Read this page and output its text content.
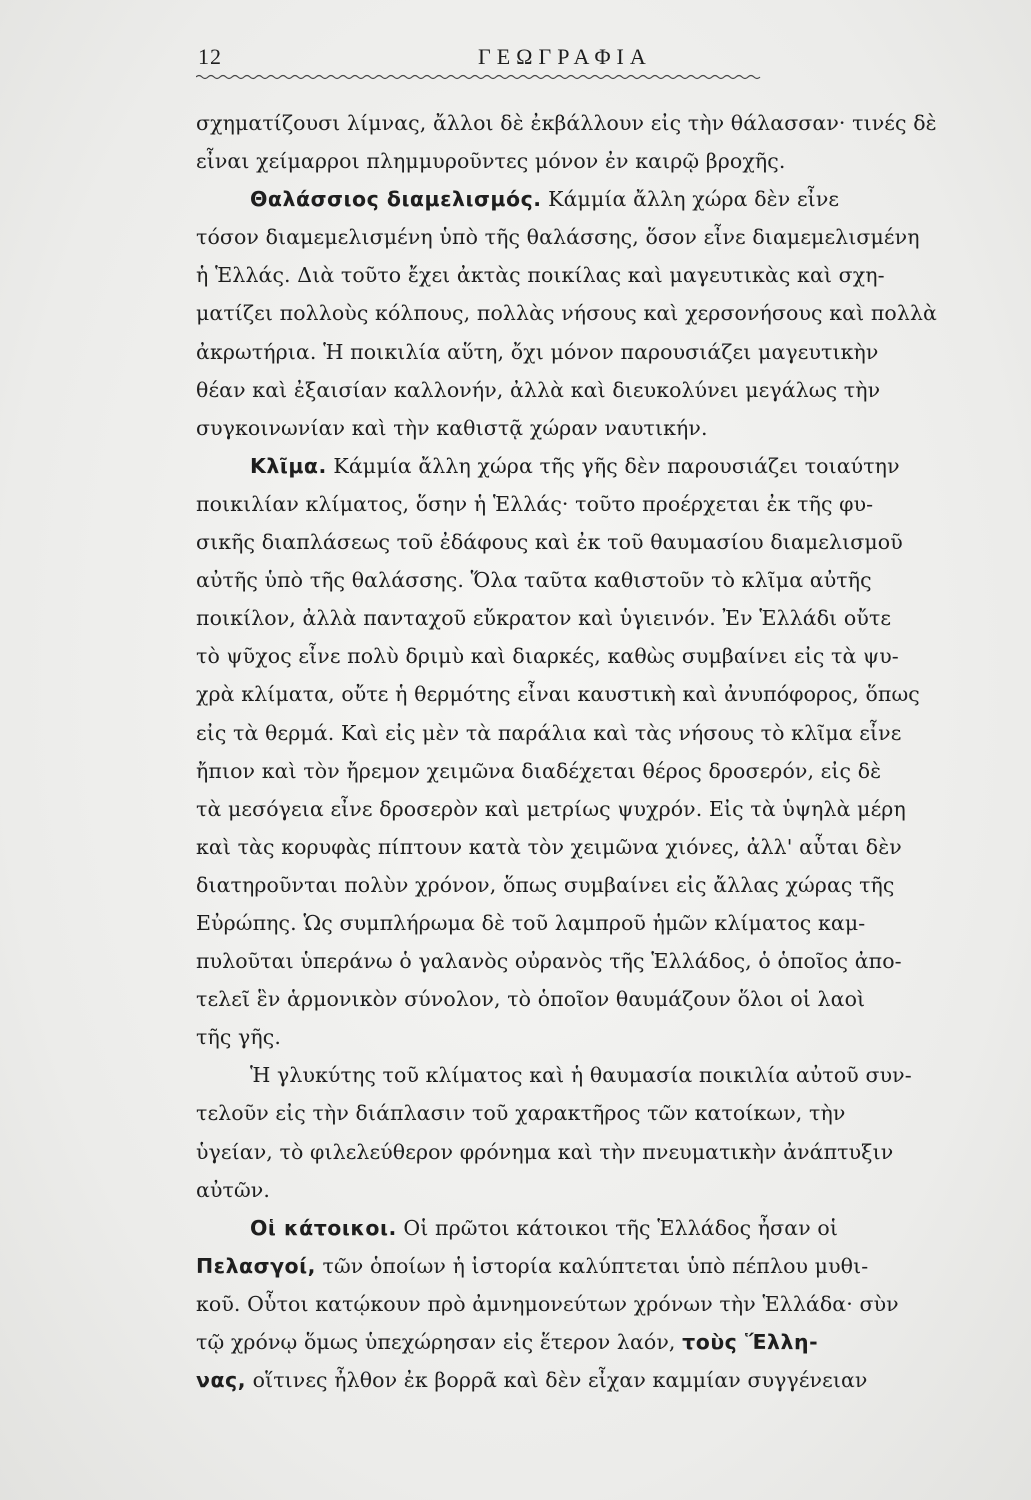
12	ΓΕΩΓΡΑΦΙΑ
σχηματίζουσι λίμνας, ἄλλοι δὲ ἐκβάλλουν εἰς τὴν θάλασσαν· τινές δὲ
εἶναι χείμαρροι πλημμυροῦντες μόνον ἐν καιρῷ βροχῆς.
Θαλάσσιος διαμελισμός. Κάμμία ἄλλη χώρα δὲν εἶνε
τόσον διαμεμελισμένη ὑπὸ τῆς θαλάσσης, ὅσον εἶνε διαμεμελισμένη
ἡ Ἑλλάς. Διὰ τοῦτο ἔχει ἀκτὰς ποικίλας καὶ μαγευτικὰς καὶ σχη-
ματίζει πολλοὺς κόλπους, πολλὰς νήσους καὶ χερσονήσους καὶ πολλὰ
ἀκρωτήρια. Ἡ ποικιλία αὕτη, ὄχι μόνον παρουσιάζει μαγευτικὴν
θέαν καὶ ἐξαισίαν καλλονήν, ἀλλὰ καὶ διευκολύνει μεγάλως τὴν
συγκοινωνίαν καὶ τὴν καθιστᾷ χώραν ναυτικήν.
Κλῖμα. Κάμμία ἄλλη χώρα τῆς γῆς δὲν παρουσιάζει τοιαύτην
ποικιλίαν κλίματος, ὅσην ἡ Ἑλλάς· τοῦτο προέρχεται ἐκ τῆς φυ-
σικῆς διαπλάσεως τοῦ ἐδάφους καὶ ἐκ τοῦ θαυμασίου διαμελισμοῦ
αὐτῆς ὑπὸ τῆς θαλάσσης. Ὅλα ταῦτα καθιστοῦν τὸ κλῖμα αὐτῆς
ποικίλον, ἀλλὰ πανταχοῦ εὔκρατον καὶ ὑγιεινόν. Ἐν Ἑλλάδι οὔτε
τὸ ψῦχος εἶνε πολὺ δριμὺ καὶ διαρκές, καθὼς συμβαίνει εἰς τὰ ψυ-
χρὰ κλίματα, οὔτε ἡ θερμότης εἶναι καυστικὴ καὶ ἀνυπόφορος, ὅπως
εἰς τὰ θερμά. Καὶ εἰς μὲν τὰ παράλια καὶ τὰς νήσους τὸ κλῖμα εἶνε
ἤπιον καὶ τὸν ἤρεμον χειμῶνα διαδέχεται θέρος δροσερόν, εἰς δὲ
τὰ μεσόγεια εἶνε δροσερὸν καὶ μετρίως ψυχρόν. Εἰς τὰ ὑψηλὰ μέρη
καὶ τὰς κορυφὰς πίπτουν κατὰ τὸν χειμῶνα χιόνες, ἀλλ' αὗται δὲν
διατηροῦνται πολὺν χρόνον, ὅπως συμβαίνει εἰς ἄλλας χώρας τῆς
Εὐρώπης. Ὡς συμπλήρωμα δὲ τοῦ λαμπροῦ ἡμῶν κλίματος καμ-
πυλοῦται ὑπεράνω ὁ γαλανὸς οὐρανὸς τῆς Ἑλλάδος, ὁ ὁποῖος ἀπο-
τελεῖ ἓν ἁρμονικὸν σύνολον, τὸ ὁποῖον θαυμάζουν ὅλοι οἱ λαοὶ
τῆς γῆς.
Ἡ γλυκύτης τοῦ κλίματος καὶ ἡ θαυμασία ποικιλία αὐτοῦ συν-
τελοῦν εἰς τὴν διάπλασιν τοῦ χαρακτῆρος τῶν κατοίκων, τὴν
ὑγείαν, τὸ φιλελεύθερον φρόνημα καὶ τὴν πνευματικὴν ἀνάπτυξιν
αὐτῶν.
Οἱ κάτοικοι. Οἱ πρῶτοι κάτοικοι τῆς Ἑλλάδος ἦσαν οἱ
Πελασγοί, τῶν ὁποίων ἡ ἱστορία καλύπτεται ὑπὸ πέπλου μυθι-
κοῦ. Οὗτοι κατῴκουν πρὸ ἀμνημονεύτων χρόνων τὴν Ἑλλάδα· σὺν
τῷ χρόνῳ ὅμως ὑπεχώρησαν εἰς ἕτερον λαόν, τοὺς Ἕλλη-
νας, οἵτινες ἦλθον ἐκ βορρᾶ καὶ δὲν εἶχαν καμμίαν συγγένειαν
